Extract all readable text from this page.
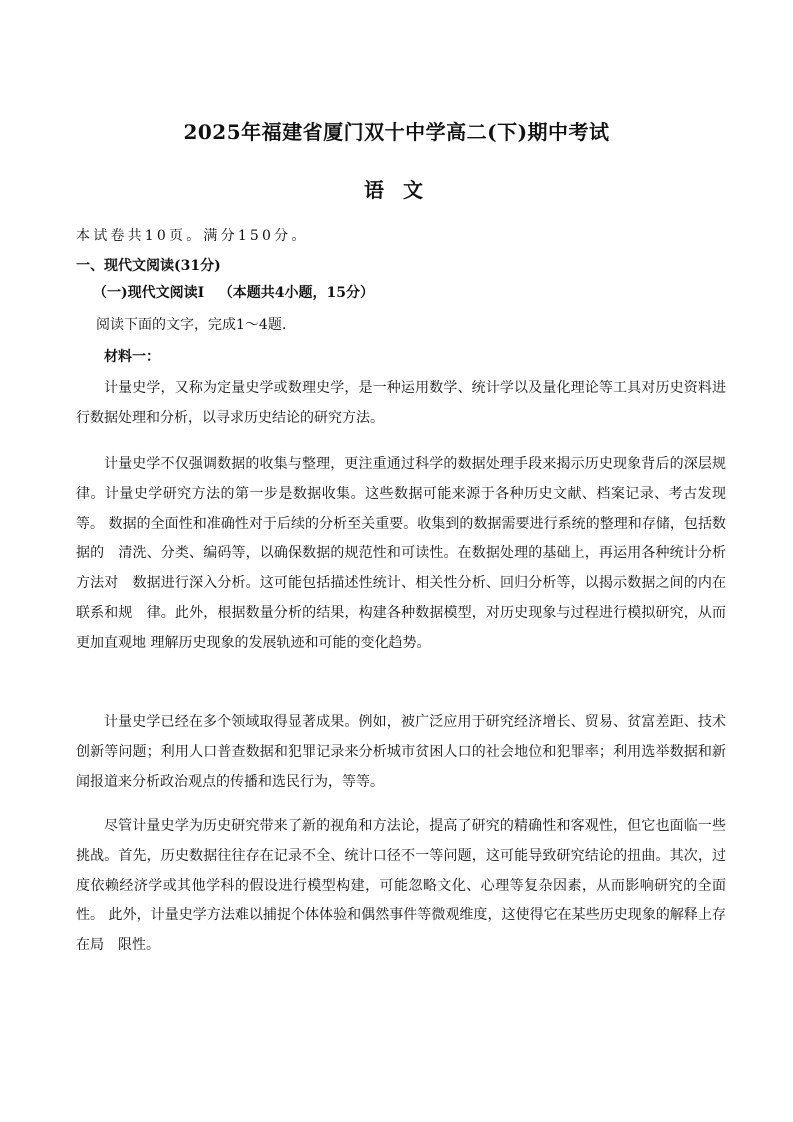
2025年福建省厦门双十中学高二(下)期中考试
语 文
本试卷共10页。满分150分。
一、现代文阅读(31分)
（一)现代文阅读Ⅰ   （本题共4小题，15分）
阅读下面的文字，完成1～4题.
材料一：

计量史学，又称为定量史学或数理史学，是一种运用数学、统计学以及量化理论等工具对历史资料进 行数据处理和分析，以寻求历史结论的研究方法。

计量史学不仅强调数据的收集与整理，更注重通过科学的数据处理手段来揭示历史现象背后的深层规　律。计量史学研究方法的第一步是数据收集。这些数据可能来源于各种历史文献、档案记录、考古发现等。 数据的全面性和准确性对于后续的分析至关重要。收集到的数据需要进行系统的整理和存储，包括数据的　清洗、分类、编码等，以确保数据的规范性和可读性。在数据处理的基础上，再运用各种统计分析方法对　数据进行深入分析。这可能包括描述性统计、相关性分析、回归分析等，以揭示数据之间的内在联系和规　律。此外，根据数量分析的结果，构建各种数据模型，对历史现象与过程进行模拟研究，从而更加直观地 理解历史现象的发展轨迹和可能的变化趋势。

计量史学已经在多个领域取得显著成果。例如，被广泛应用于研究经济增长、贸易、贫富差距、技术 创新等问题；利用人口普查数据和犯罪记录来分析城市贫困人口的社会地位和犯罪率；利用选举数据和新 闻报道来分析政治观点的传播和选民行为，等等。

尽管计量史学为历史研究带来了新的视角和方法论，提高了研究的精确性和客观性，但它也面临一些　挑战。首先，历史数据往往存在记录不全、统计口径不一等问题，这可能导致研究结论的扭曲。其次，过　度依赖经济学或其他学科的假设进行模型构建，可能忽略文化、心理等复杂因素，从而影响研究的全面性。 此外，计量史学方法难以捕捉个体体验和偶然事件等微观维度，这使得它在某些历史现象的解释上存在局　限性。
